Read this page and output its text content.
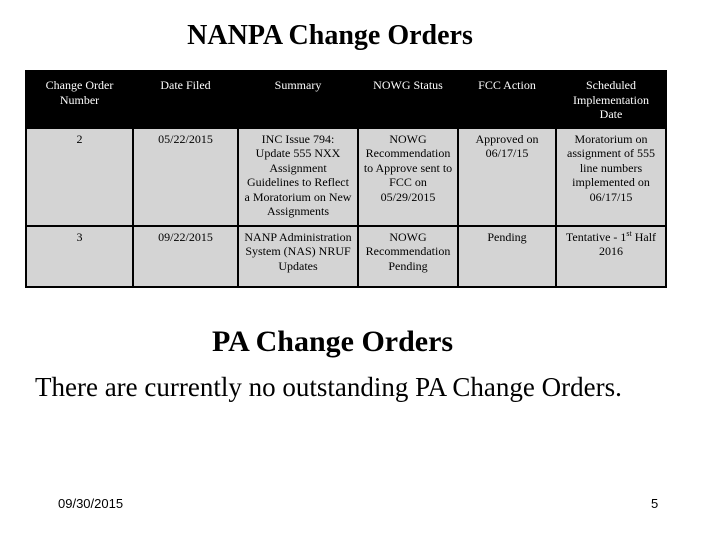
NANPA Change Orders
Change Order Number	Date Filed	Summary	NOWG Status	FCC Action	Scheduled Implementation Date
2	05/22/2015	INC Issue 794: Update 555 NXX Assignment Guidelines to Reflect a Moratorium on New Assignments	NOWG Recommendation to Approve sent to FCC on 05/29/2015	Approved on 06/17/15	Moratorium on assignment of 555 line numbers implemented on 06/17/15
3	09/22/2015	NANP Administration System (NAS) NRUF Updates	NOWG Recommendation Pending	Pending	Tentative - 1st Half 2016
PA Change Orders
There are currently no outstanding PA Change Orders.
09/30/2015	5
